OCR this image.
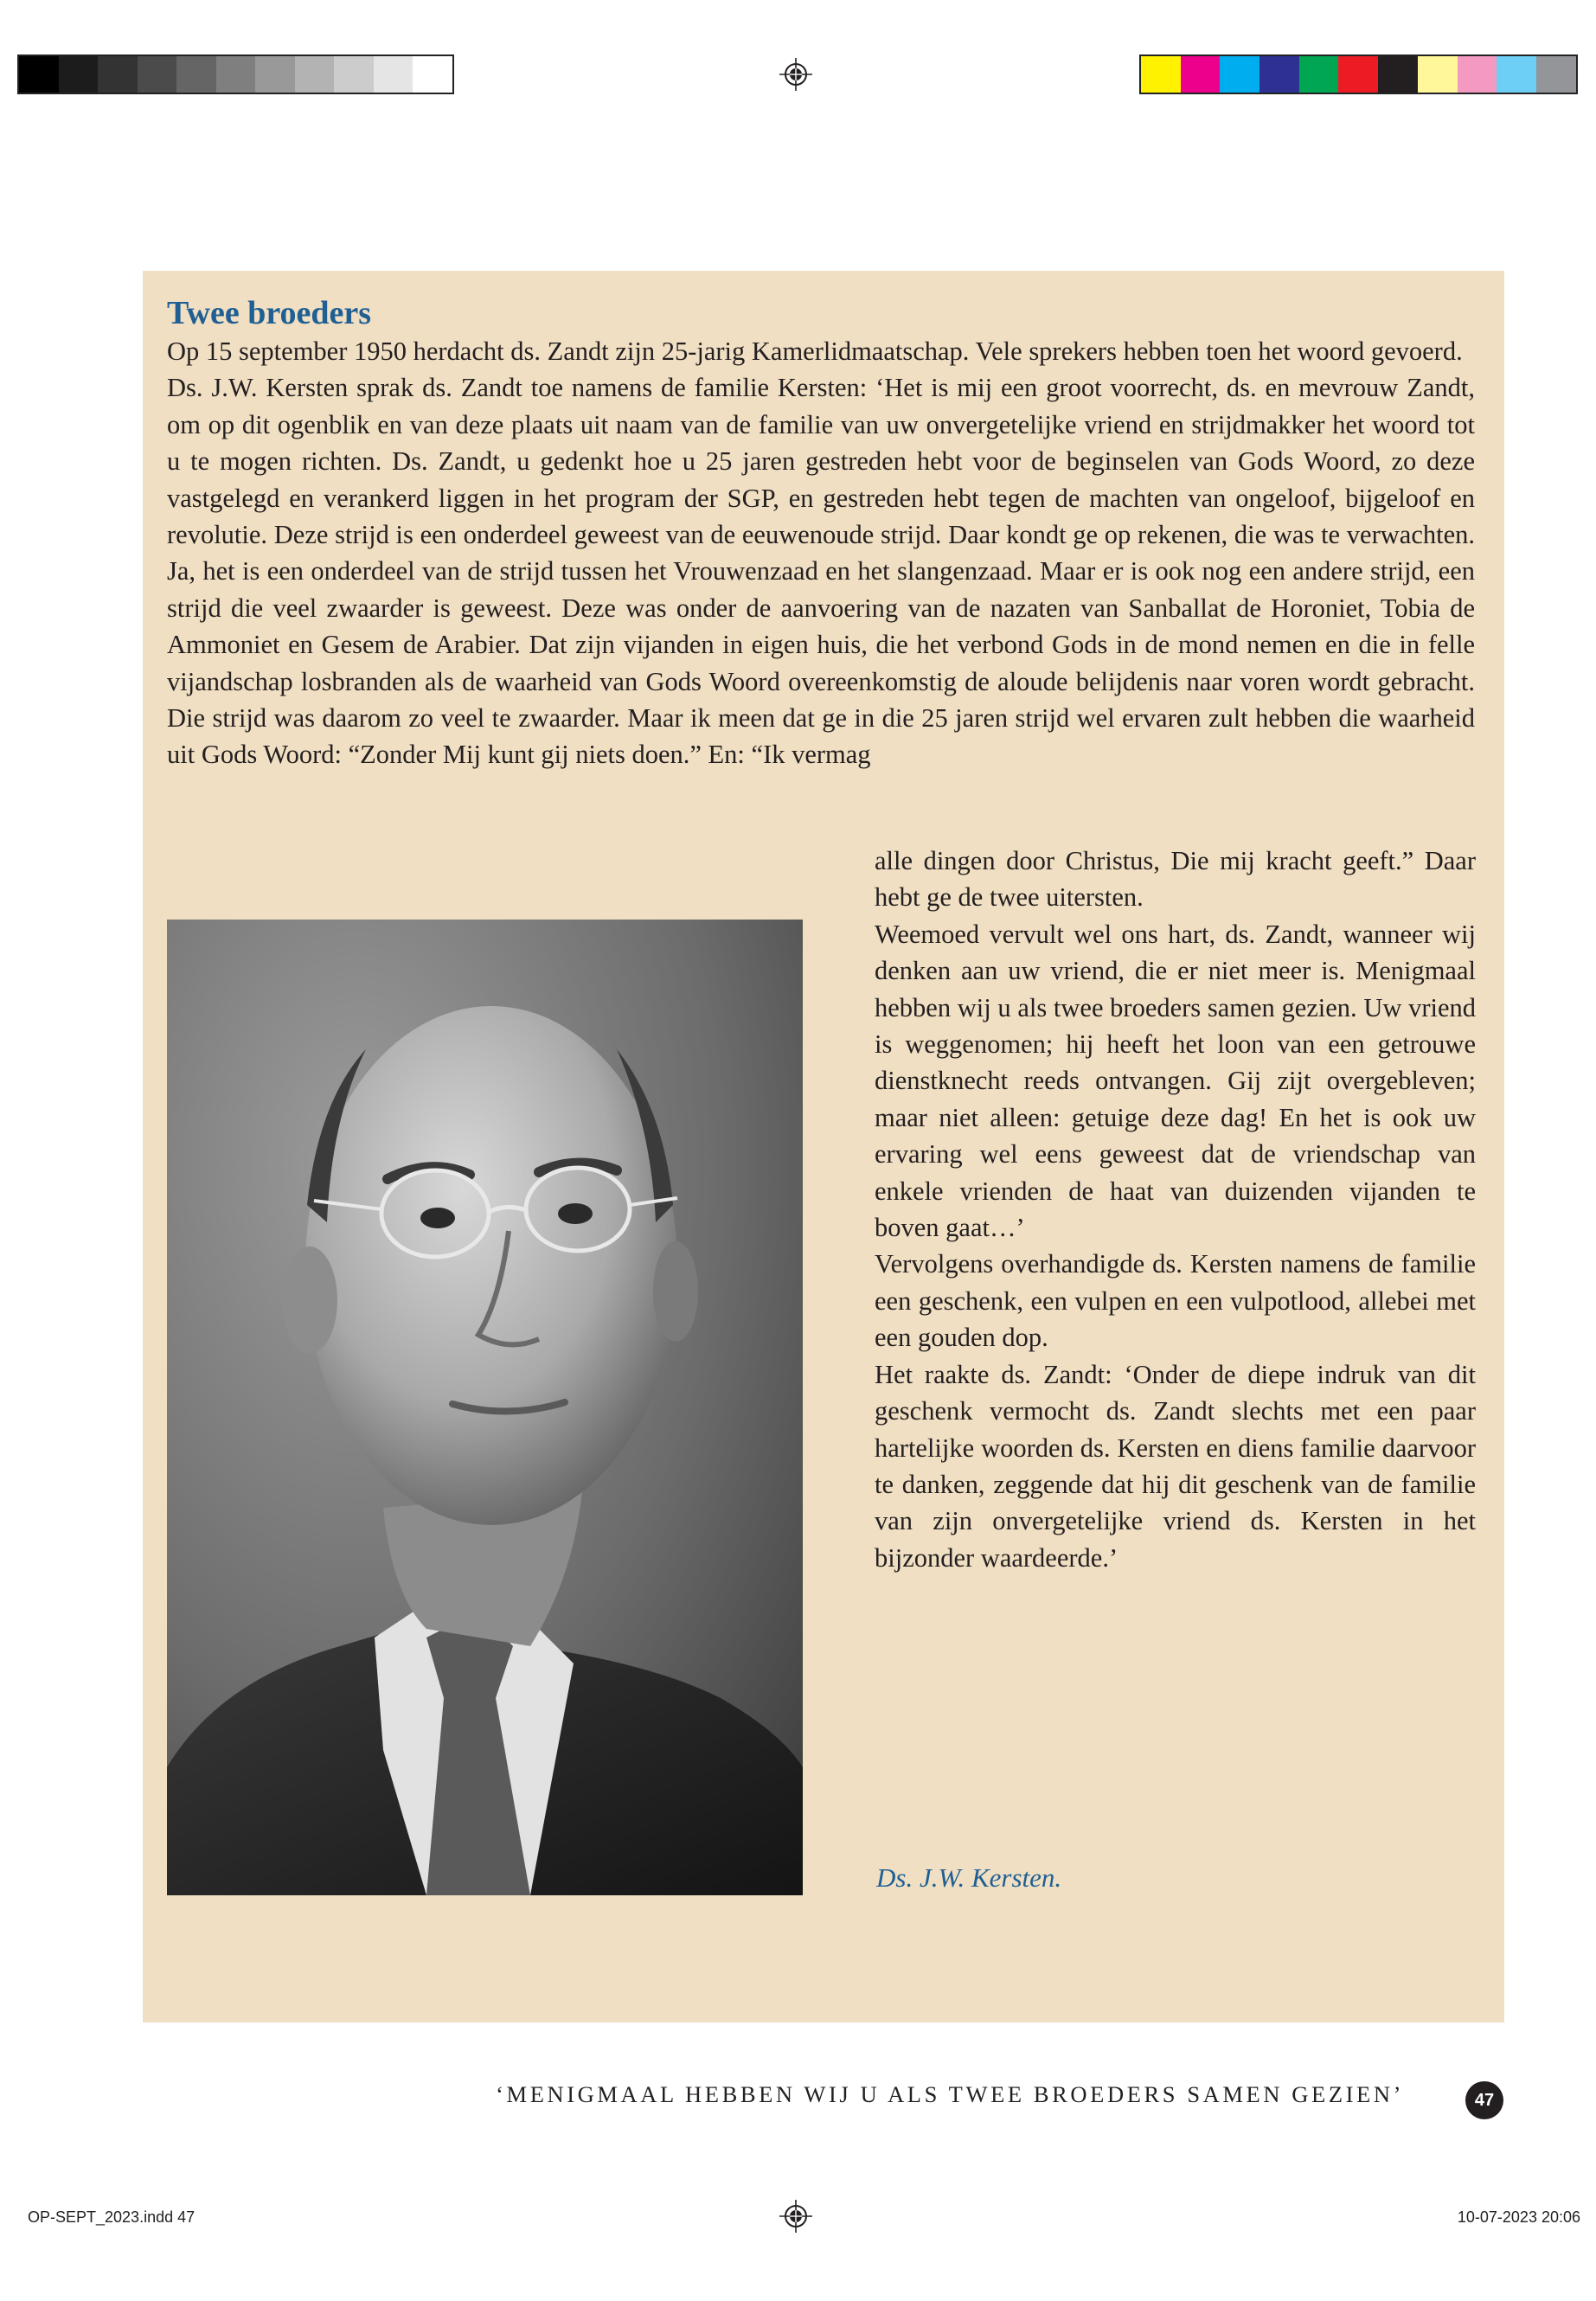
OP-SEPT_2023.indd 47	10-07-2023 20:06
Twee broeders

Op 15 september 1950 herdacht ds. Zandt zijn 25-jarig Kamerlidmaatschap. Vele sprekers hebben toen het woord gevoerd.

Ds. J.W. Kersten sprak ds. Zandt toe namens de familie Kersten: ‘Het is mij een groot voorrecht, ds. en mevrouw Zandt, om op dit ogenblik en van deze plaats uit naam van de familie van uw onvergetelijke vriend en strijdmakker het woord tot u te mogen richten. Ds. Zandt, u gedenkt hoe u 25 jaren gestreden hebt voor de beginselen van Gods Woord, zo deze vastgelegd en verankerd liggen in het program der SGP, en gestreden hebt tegen de machten van ongeloof, bijgeloof en revolutie. Deze strijd is een onderdeel geweest van de eeuwenoude strijd. Daar kondt ge op rekenen, die was te verwachten. Ja, het is een onderdeel van de strijd tussen het Vrouwenzaad en het slangenzaad. Maar er is ook nog een andere strijd, een strijd die veel zwaarder is geweest. Deze was onder de aanvoering van de nazaten van Sanballat de Horoniet, Tobia de Ammoniet en Gesem de Arabier. Dat zijn vijanden in eigen huis, die het verbond Gods in de mond nemen en die in felle vijandschap losbranden als de waarheid van Gods Woord overeenkomstig de aloude belijdenis naar voren wordt gebracht. Die strijd was daarom zo veel te zwaarder. Maar ik meen dat ge in die 25 jaren strijd wel ervaren zult hebben die waarheid uit Gods Woord: “Zonder Mij kunt gij niets doen.” En: “Ik vermag

alle dingen door Christus, Die mij kracht geeft.” Daar hebt ge de twee uitersten.

Weemoed vervult wel ons hart, ds. Zandt, wanneer wij denken aan uw vriend, die er niet meer is. Menigmaal hebben wij u als twee broeders samen gezien. Uw vriend is weggenomen; hij heeft het loon van een getrouwe dienstknecht reeds ontvangen. Gij zijt overgebleven; maar niet alleen: getuige deze dag! En het is ook uw ervaring wel eens geweest dat de vriendschap van enkele vrienden de haat van duizenden vijanden te boven gaat…’

Vervolgens overhandigde ds. Kersten namens de familie een geschenk, een vulpen en een vulpotlood, allebei met een gouden dop.

Het raakte ds. Zandt: ‘Onder de diepe indruk van dit geschenk vermocht ds. Zandt slechts met een paar hartelijke woorden ds. Kersten en diens familie daarvoor te danken, zeggende dat hij dit geschenk van de familie van zijn onvergetelijke vriend ds. Kersten in het bijzonder waardeerde.’

Ds. J.W. Kersten.
‘MENIGMAAL HEBBEN WIJ U ALS TWEE BROEDERS SAMEN GEZIEN’	47
